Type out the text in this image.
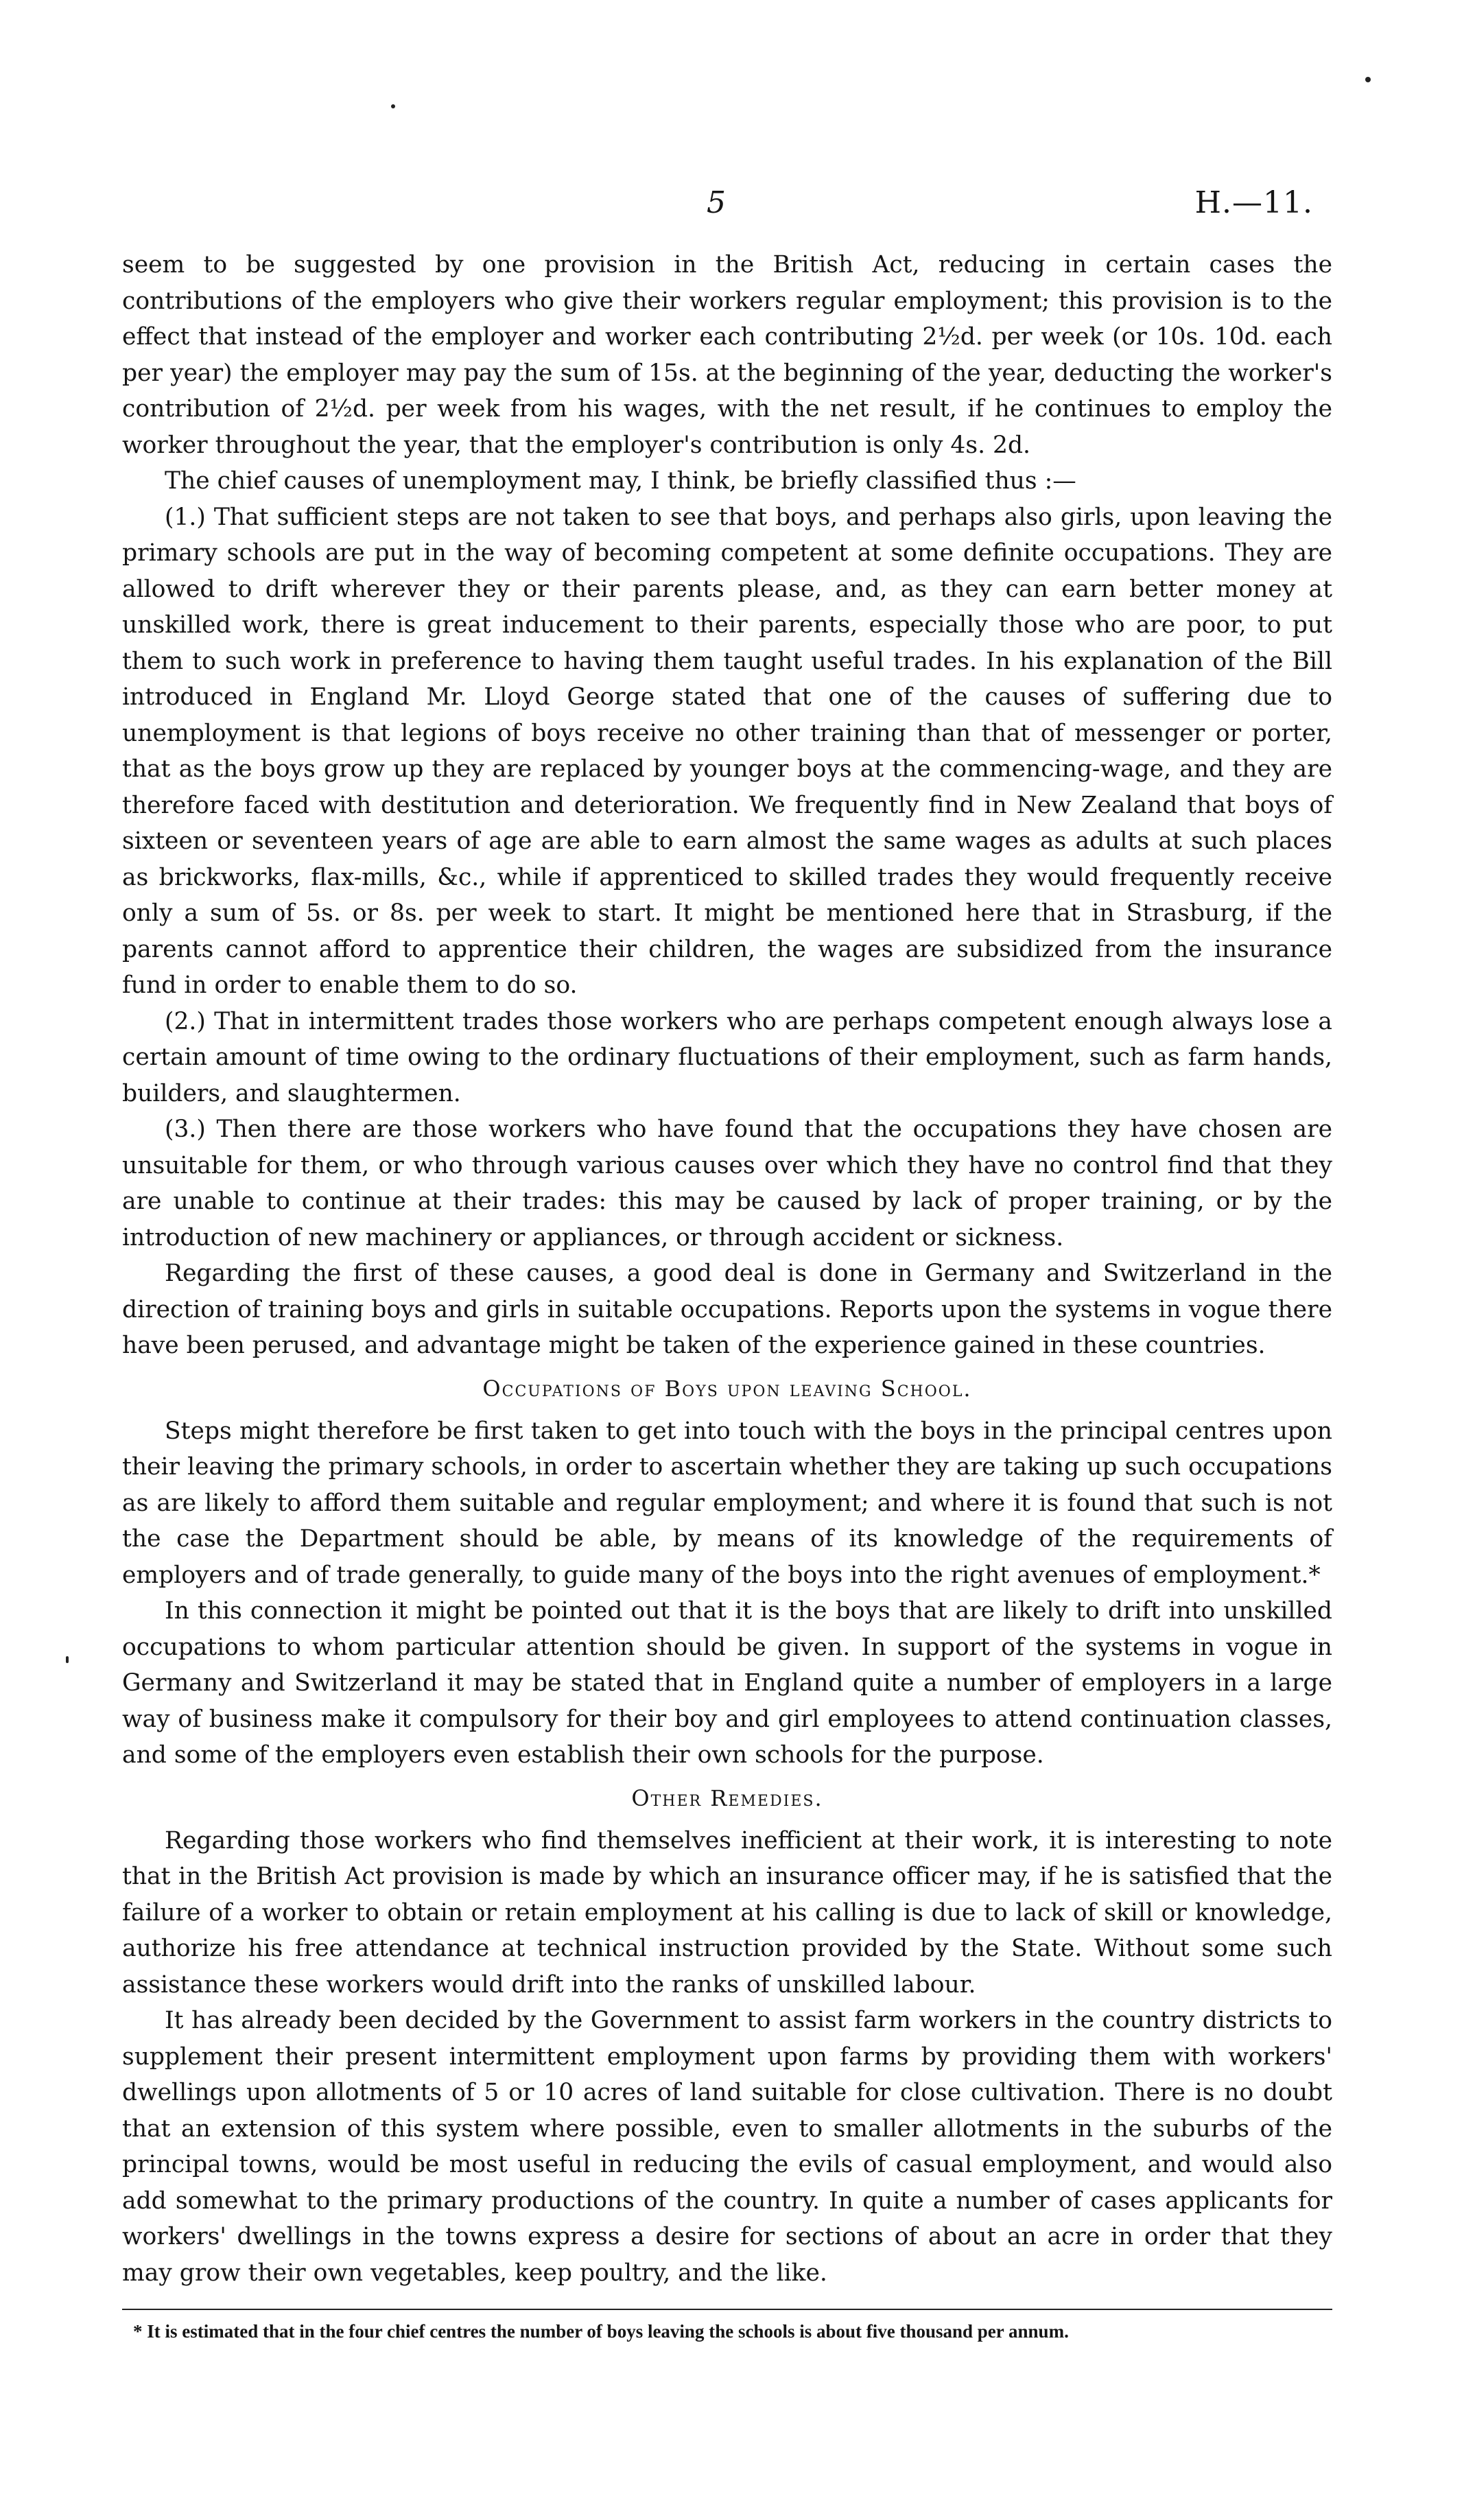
5	H.—11.

seem to be suggested by one provision in the British Act, reducing in certain cases the contributions of the employers who give their workers regular employment; this provision is to the effect that instead of the employer and worker each contributing 2½d. per week (or 10s. 10d. each per year) the employer may pay the sum of 15s. at the beginning of the year, deducting the worker's contribution of 2½d. per week from his wages, with the net result, if he continues to employ the worker throughout the year, that the employer's contribution is only 4s. 2d.

The chief causes of unemployment may, I think, be briefly classified thus :—

(1.) That sufficient steps are not taken to see that boys, and perhaps also girls, upon leaving the primary schools are put in the way of becoming competent at some definite occupations. They are allowed to drift wherever they or their parents please, and, as they can earn better money at unskilled work, there is great inducement to their parents, especially those who are poor, to put them to such work in preference to having them taught useful trades. In his explanation of the Bill introduced in England Mr. Lloyd George stated that one of the causes of suffering due to unemployment is that legions of boys receive no other training than that of messenger or porter, that as the boys grow up they are replaced by younger boys at the commencing-wage, and they are therefore faced with destitution and deterioration. We frequently find in New Zealand that boys of sixteen or seventeen years of age are able to earn almost the same wages as adults at such places as brickworks, flax-mills, &c., while if apprenticed to skilled trades they would frequently receive only a sum of 5s. or 8s. per week to start. It might be mentioned here that in Strasburg, if the parents cannot afford to apprentice their children, the wages are subsidized from the insurance fund in order to enable them to do so.

(2.) That in intermittent trades those workers who are perhaps competent enough always lose a certain amount of time owing to the ordinary fluctuations of their employment, such as farm hands, builders, and slaughtermen.

(3.) Then there are those workers who have found that the occupations they have chosen are unsuitable for them, or who through various causes over which they have no control find that they are unable to continue at their trades: this may be caused by lack of proper training, or by the introduction of new machinery or appliances, or through accident or sickness.

Regarding the first of these causes, a good deal is done in Germany and Switzerland in the direction of training boys and girls in suitable occupations. Reports upon the systems in vogue there have been perused, and advantage might be taken of the experience gained in these countries.

Occupations of Boys upon leaving School.

Steps might therefore be first taken to get into touch with the boys in the principal centres upon their leaving the primary schools, in order to ascertain whether they are taking up such occupations as are likely to afford them suitable and regular employment; and where it is found that such is not the case the Department should be able, by means of its knowledge of the requirements of employers and of trade generally, to guide many of the boys into the right avenues of employment.*

In this connection it might be pointed out that it is the boys that are likely to drift into unskilled occupations to whom particular attention should be given. In support of the systems in vogue in Germany and Switzerland it may be stated that in England quite a number of employers in a large way of business make it compulsory for their boy and girl employees to attend continuation classes, and some of the employers even establish their own schools for the purpose.

Other Remedies.

Regarding those workers who find themselves inefficient at their work, it is interesting to note that in the British Act provision is made by which an insurance officer may, if he is satisfied that the failure of a worker to obtain or retain employment at his calling is due to lack of skill or knowledge, authorize his free attendance at technical instruction provided by the State. Without some such assistance these workers would drift into the ranks of unskilled labour.

It has already been decided by the Government to assist farm workers in the country districts to supplement their present intermittent employment upon farms by providing them with workers' dwellings upon allotments of 5 or 10 acres of land suitable for close cultivation. There is no doubt that an extension of this system where possible, even to smaller allotments in the suburbs of the principal towns, would be most useful in reducing the evils of casual employment, and would also add somewhat to the primary productions of the country. In quite a number of cases applicants for workers' dwellings in the towns express a desire for sections of about an acre in order that they may grow their own vegetables, keep poultry, and the like.

* It is estimated that in the four chief centres the number of boys leaving the schools is about five thousand per annum.
